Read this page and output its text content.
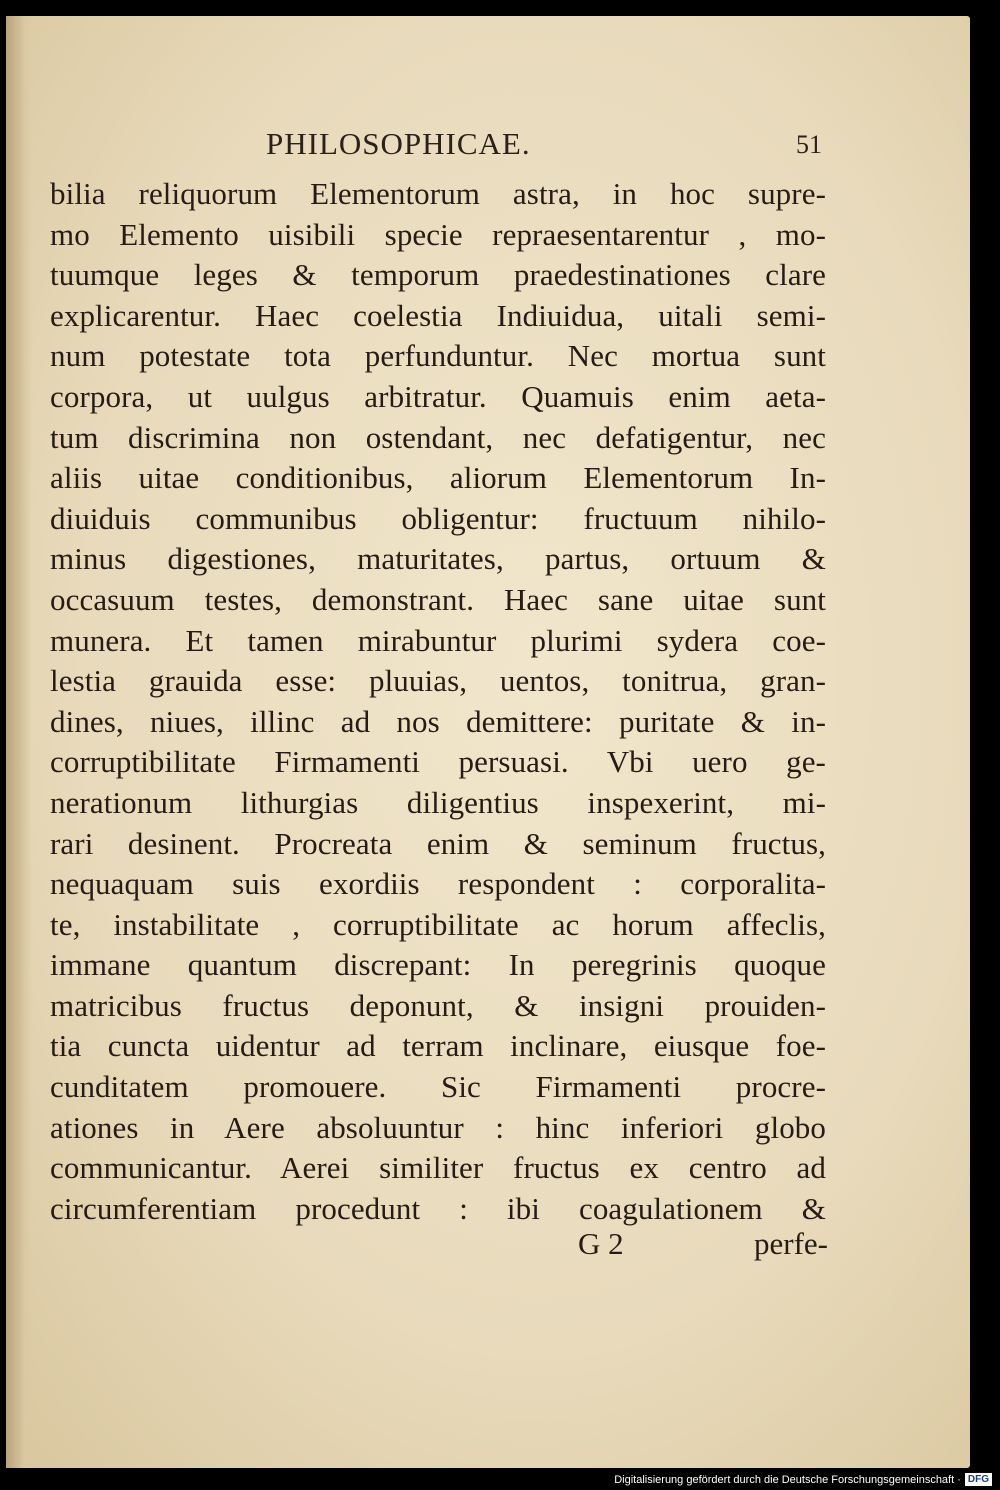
PHILOSOPHICAE.	51
bilia reliquorum Elementorum astra, in hoc supre-
mo Elemento uisibili specie repraesentarentur , mo-
tuumque leges & temporum praedestinationes clare
explicarentur. Haec coelestia Indiuidua, uitali semi-
num potestate tota perfunduntur. Nec mortua sunt
corpora, ut uulgus arbitratur. Quamuis enim aeta-
tum discrimina non ostendant, nec defatigentur, nec
aliis uitae conditionibus, aliorum Elementorum In-
diuiduis communibus obligentur: fructuum nihilo-
minus digestiones, maturitates, partus, ortuum &
occasuum testes, demonstrant. Haec sane uitae sunt
munera. Et tamen mirabuntur plurimi sydera coe-
lestia grauida esse: pluuias, uentos, tonitrua, gran-
dines, niues, illinc ad nos demittere: puritate & in-
corruptibilitate Firmamenti persuasi. Vbi uero ge-
nerationum lithurgias diligentius inspexerint, mi-
rari desinent. Procreata enim & seminum fructus,
nequaquam suis exordiis respondent : corporalita-
te, instabilitate , corruptibilitate ac horum affeclis,
immane quantum discrepant: In peregrinis quoque
matricibus fructus deponunt, & insigni prouiden-
tia cuncta uidentur ad terram inclinare, eiusque foe-
cunditatem promouere. Sic Firmamenti procre-
ationes in Aere absoluuntur : hinc inferiori globo
communicantur. Aerei similiter fructus ex centro ad
circumferentiam procedunt : ibi coagulationem &
G 2	perfe-
Digitalisierung gefördert durch die Deutsche Forschungsgemeinschaft · DFG
